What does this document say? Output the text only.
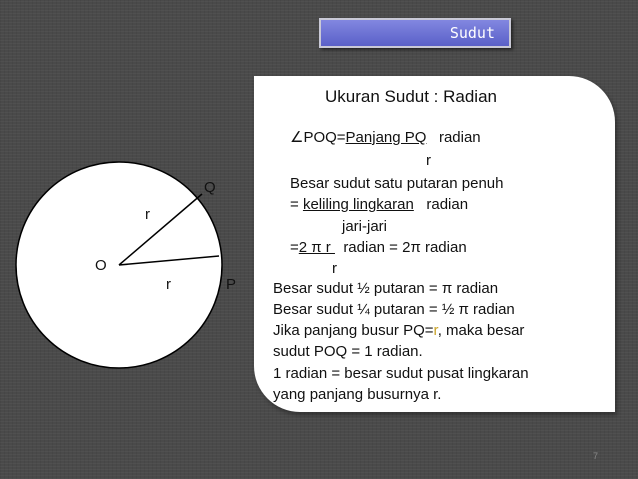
Sudut
O
Q
P
r
r
Ukuran Sudut : Radian
∠POQ=Panjang PQ radian
r
Besar sudut satu putaran penuh
= keliling lingkaran radian
jari-jari
=2 π r   radian = 2π radian
r
Besar sudut ½ putaran = π radian
Besar sudut ¼ putaran = ½ π radian
Jika panjang busur PQ=r, maka besar
sudut POQ = 1 radian.
1 radian = besar sudut pusat lingkaran
yang panjang busurnya r.
7
